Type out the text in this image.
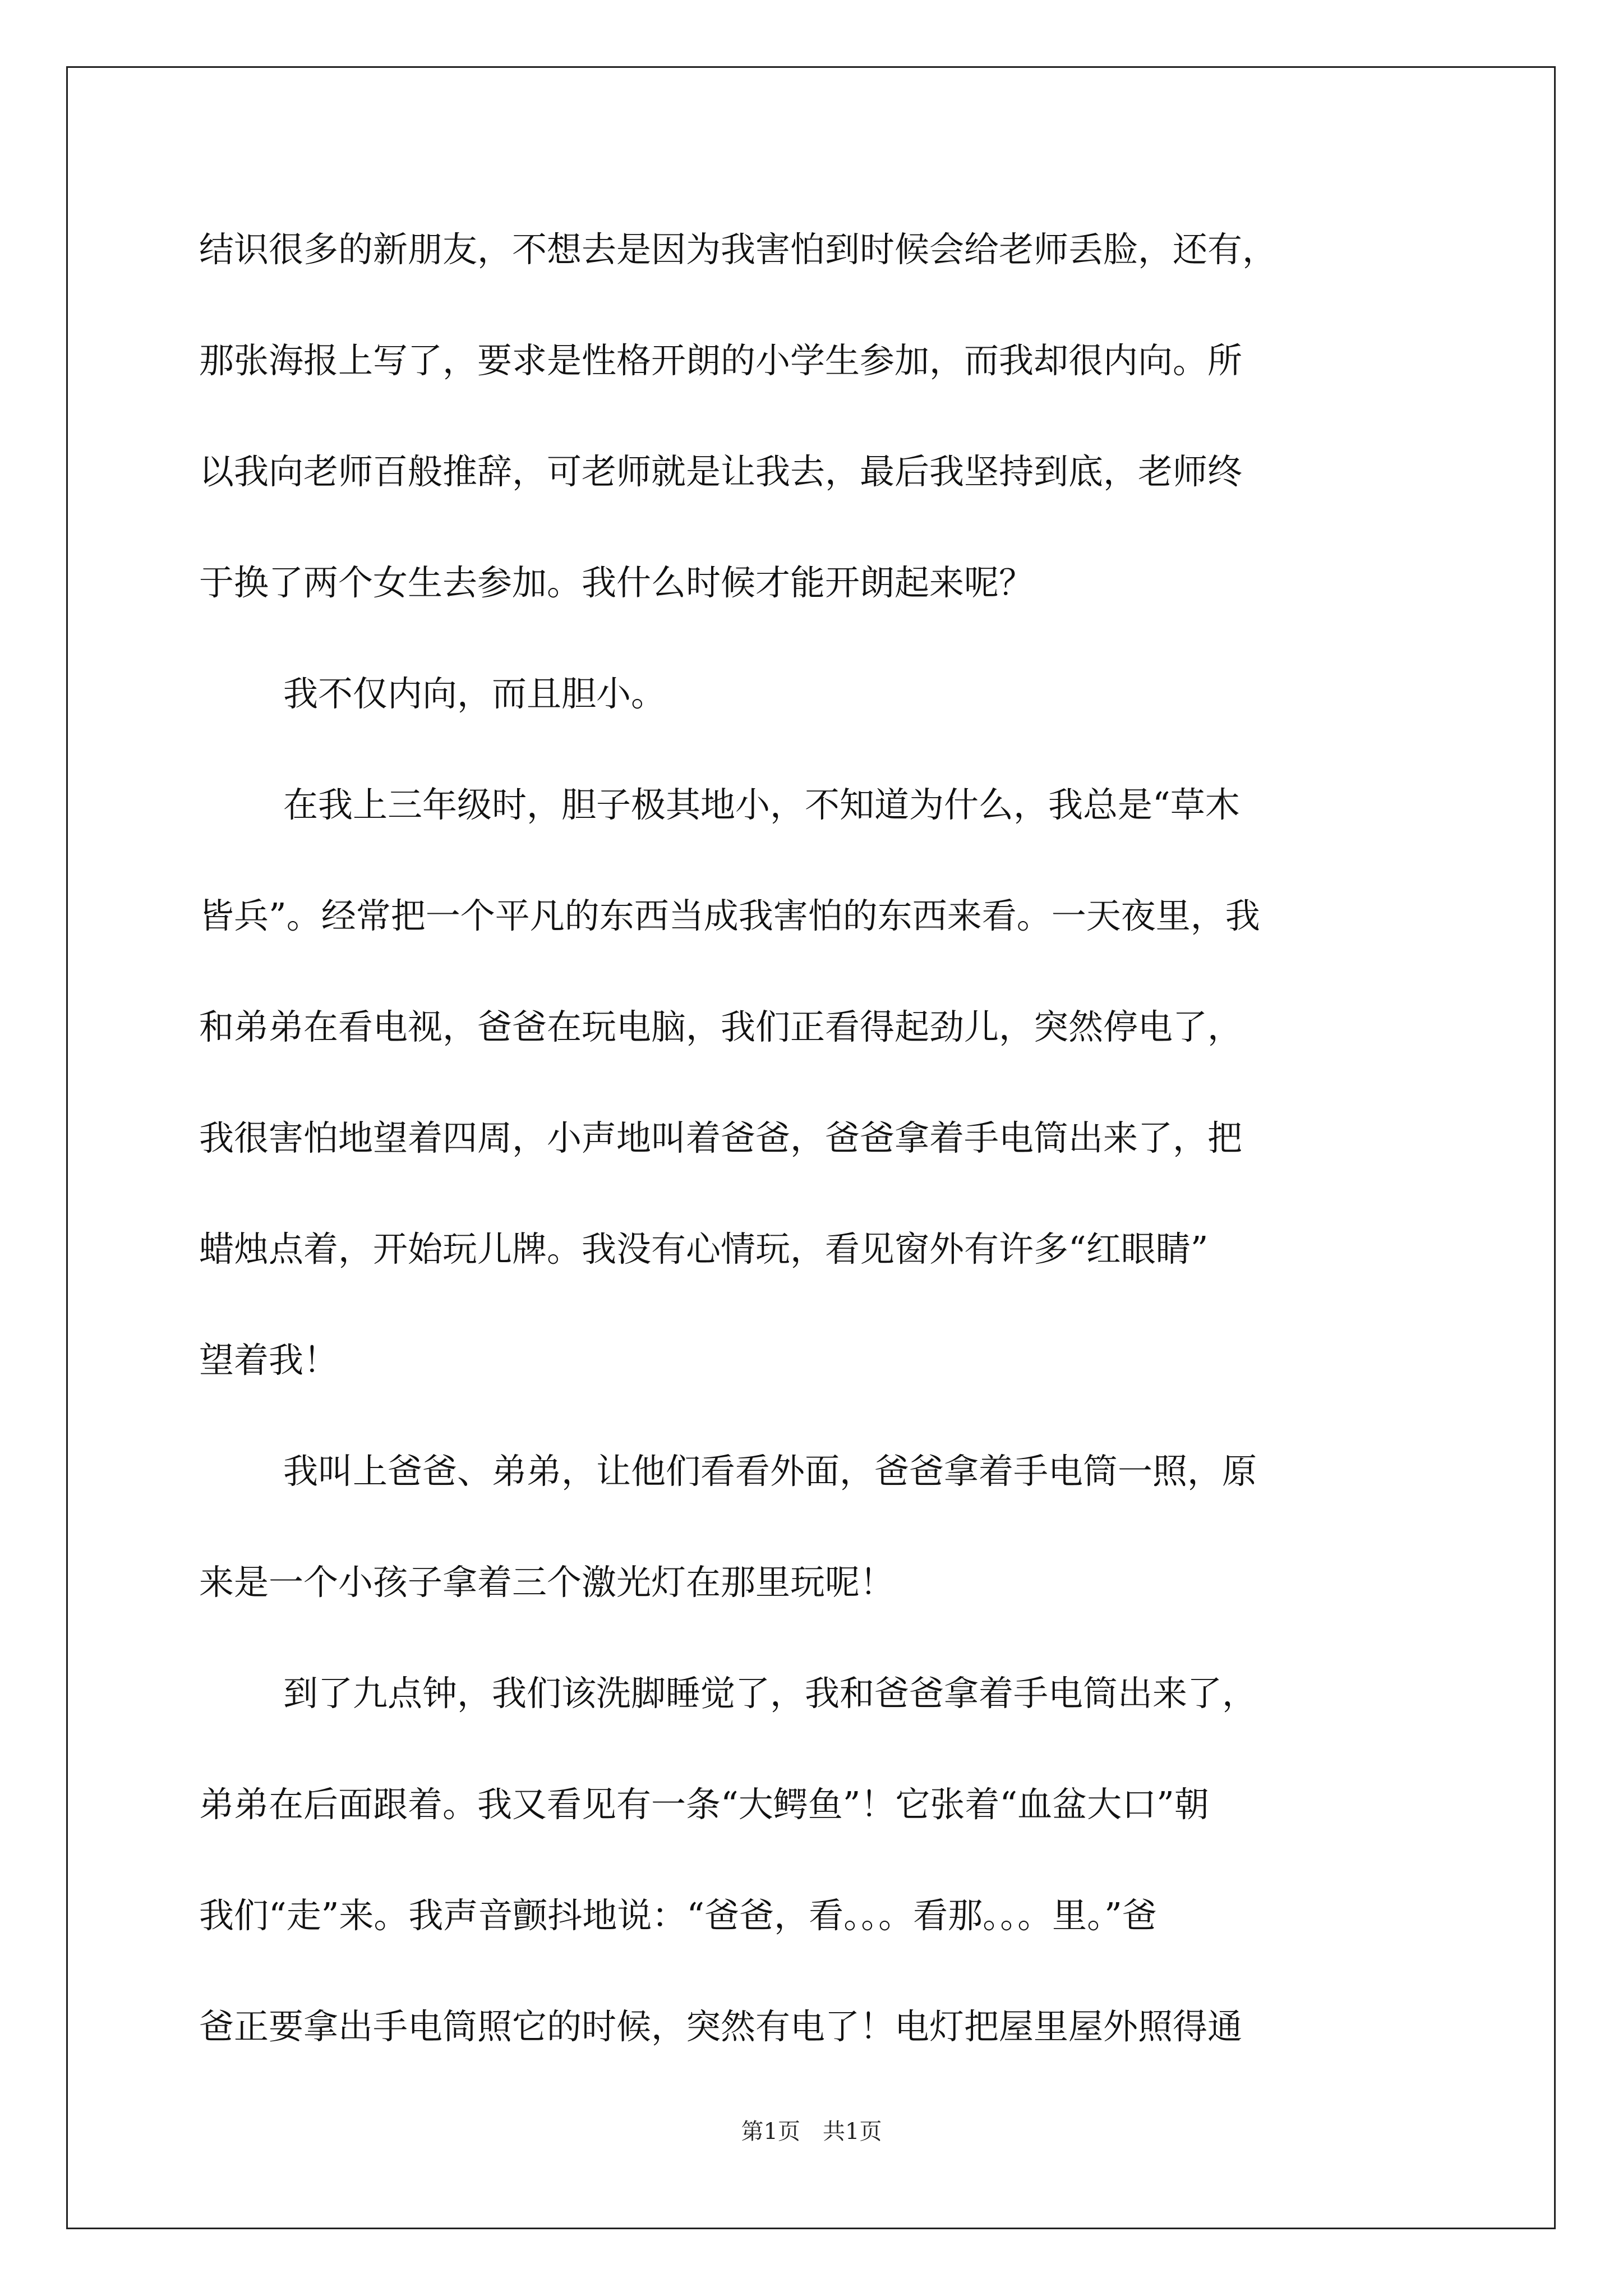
结识很多的新朋友，不想去是因为我害怕到时候会给老师丢脸，还有，
那张海报上写了，要求是性格开朗的小学生参加，而我却很内向。所
以我向老师百般推辞，可老师就是让我去，最后我坚持到底，老师终
于换了两个女生去参加。我什么时候才能开朗起来呢？
我不仅内向，而且胆小。
在我上三年级时，胆子极其地小，不知道为什么，我总是“草木
皆兵”。经常把一个平凡的东西当成我害怕的东西来看。一天夜里，我
和弟弟在看电视，爸爸在玩电脑，我们正看得起劲儿，突然停电了，
我很害怕地望着四周，小声地叫着爸爸，爸爸拿着手电筒出来了，把
蜡烛点着，开始玩儿牌。我没有心情玩，看见窗外有许多“红眼睛”
望着我！
我叫上爸爸、弟弟，让他们看看外面，爸爸拿着手电筒一照，原
来是一个小孩子拿着三个激光灯在那里玩呢！
到了九点钟，我们该洗脚睡觉了，我和爸爸拿着手电筒出来了，
弟弟在后面跟着。我又看见有一条“大鳄鱼”！它张着“血盆大口”朝
我们“走”来。我声音颤抖地说：“爸爸，看。。。看那。。。里。”爸
爸正要拿出手电筒照它的时候，突然有电了！电灯把屋里屋外照得通
第1页 共1页
